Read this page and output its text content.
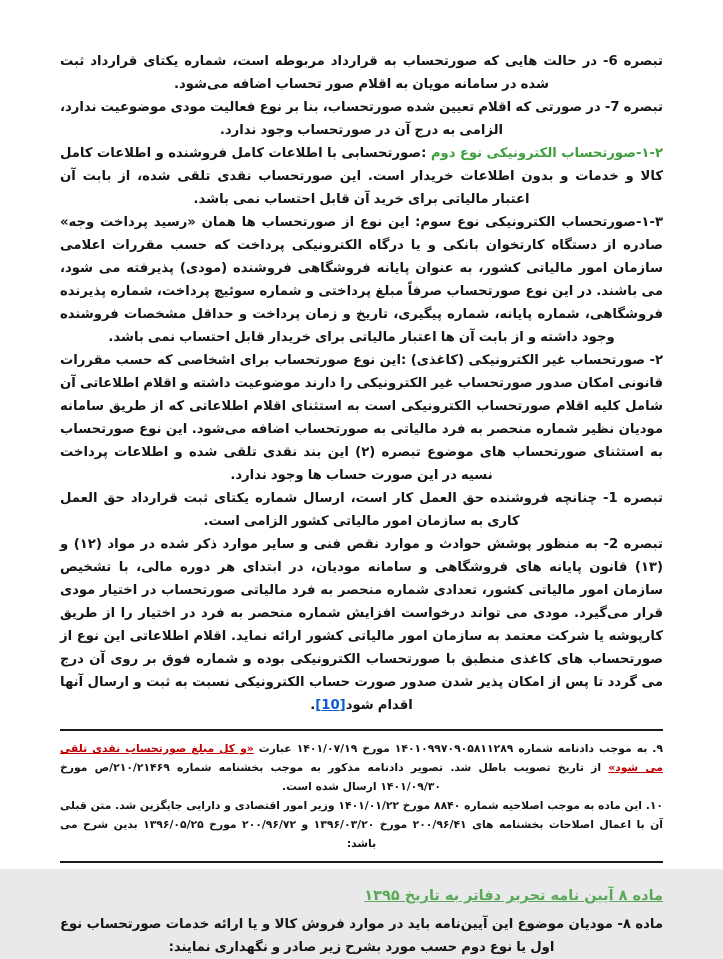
تبصره 6- در حالت هایی که صورتحساب به قرارداد مربوطه است، شماره یکتای قرارداد ثبت شده در سامانه مویان به اقلام صور تحساب اضافه می‌شود.

تبصره 7- در صورتی که اقلام تعیین شده صورتحساب، بنا بر نوع فعالیت مودی موضوعیت ندارد، الزامی به درج آن در صورتحساب وجود ندارد.

۱-۲-صورتحساب الکترونیکی نوع دوم :صورتحسابی با اطلاعات کامل فروشنده و اطلاعات کامل کالا و خدمات و بدون اطلاعات خریدار است. این صورتحساب نقدی تلقی شده، از بابت آن اعتبار مالیاتی برای خرید آن قابل احتساب نمی باشد.

۱-۳-صورتحساب الکترونیکی نوع سوم: این نوع از صورتحساب ها همان «رسید پرداخت وجه» صادره از دستگاه کارتخوان بانکی و یا درگاه الکترونیکی پرداخت که حسب مقررات اعلامی سازمان امور مالیاتی کشور، به عنوان پایانه فروشگاهی فروشنده (مودی) پذیرفته می شود، می باشند. در این نوع صورتحساب صرفاً مبلغ پرداختی و شماره سوئیچ پرداخت، شماره پذیرنده فروشگاهی، شماره پایانه، شماره پیگیری، تاریخ و زمان پرداخت و حداقل مشخصات فروشنده وجود داشته و از بابت آن ها اعتبار مالیاتی برای خریدار قابل احتساب نمی باشد.

۲- صورتحساب غیر الکترونیکی (کاغذی) :این نوع صورتحساب برای اشخاصی که حسب مقررات قانونی امکان صدور صورتحساب غیر الکترونیکی را دارند موضوعیت داشته و اقلام اطلاعاتی آن شامل کلیه اقلام صورتحساب الکترونیکی است به استثنای اقلام اطلاعاتی که از طریق سامانه مودیان نظیر شماره منحصر به فرد مالیاتی به صورتحساب اضافه می‌شود. این نوع صورتحساب به استثنای صورتحساب های موضوع تبصره (۲) این بند نقدی تلقی شده و اطلاعات پرداخت نسیه در این صورت حساب ها وجود ندارد.

تبصره 1- چنانچه فروشنده حق العمل کار است، ارسال شماره یکتای ثبت قرارداد حق العمل کاری به سازمان امور مالیاتی کشور الزامی است.

تبصره 2- به منظور پوشش حوادث و موارد نقص فنی و سایر موارد ذکر شده در مواد (۱۲) و (۱۳) قانون پایانه های فروشگاهی و سامانه مودیان، در ابتدای هر دوره مالی، با تشخیص سازمان امور مالیاتی کشور، تعدادی شماره منحصر به فرد مالیاتی صورتحساب در اختیار مودی قرار می‌گیرد. مودی می تواند درخواست افزایش شماره منحصر به فرد در اختیار را از طریق کارپوشه یا شرکت معتمد به سازمان امور مالیاتی کشور ارائه نماید. اقلام اطلاعاتی این نوع از صورتحساب های کاغذی منطبق با صورتحساب الکترونیکی بوده و شماره فوق بر روی آن درج می گردد تا پس از امکان پذیر شدن صدور صورت حساب الکترونیکی نسبت به ثبت و ارسال آنها اقدام شود[10].

۹. به موجب دادنامه شماره ۱۴۰۱۰۹۹۷۰۹۰۵۸۱۱۲۸۹ مورخ ۱۴۰۱/۰۷/۱۹ عبارت «و کل مبلغ صورتحساب نقدی تلقی می شود» از تاریخ تصویب باطل شد. تصویر دادنامه مذکور به موجب بخشنامه شماره ۲۱۰/۲۱۴۶۹/ص مورخ ۱۴۰۱/۰۹/۳۰ ارسال شده است.

۱۰. این ماده به موجب اصلاحیه شماره ۸۸۴۰ مورخ ۱۴۰۱/۰۱/۲۲ وزیر امور اقتصادی و دارایی جایگزین شد. متن قبلی آن با اعمال اصلاحات بخشنامه های ۲۰۰/۹۶/۴۱ مورخ ۱۳۹۶/۰۳/۲۰ و ۲۰۰/۹۶/۷۲ مورخ ۱۳۹۶/۰۵/۲۵ بدین شرح می باشد:

ماده ۸ آیین نامه تحریر دفاتر به تاریخ ۱۳۹۵

ماده ۸- مودیان موضوع این آیین‌نامه باید در موارد فروش کالا و یا ارائه خدمات صورتحساب نوع اول یا نوع دوم حسب مورد بشرح زیر صادر و نگهداری نمایند:
